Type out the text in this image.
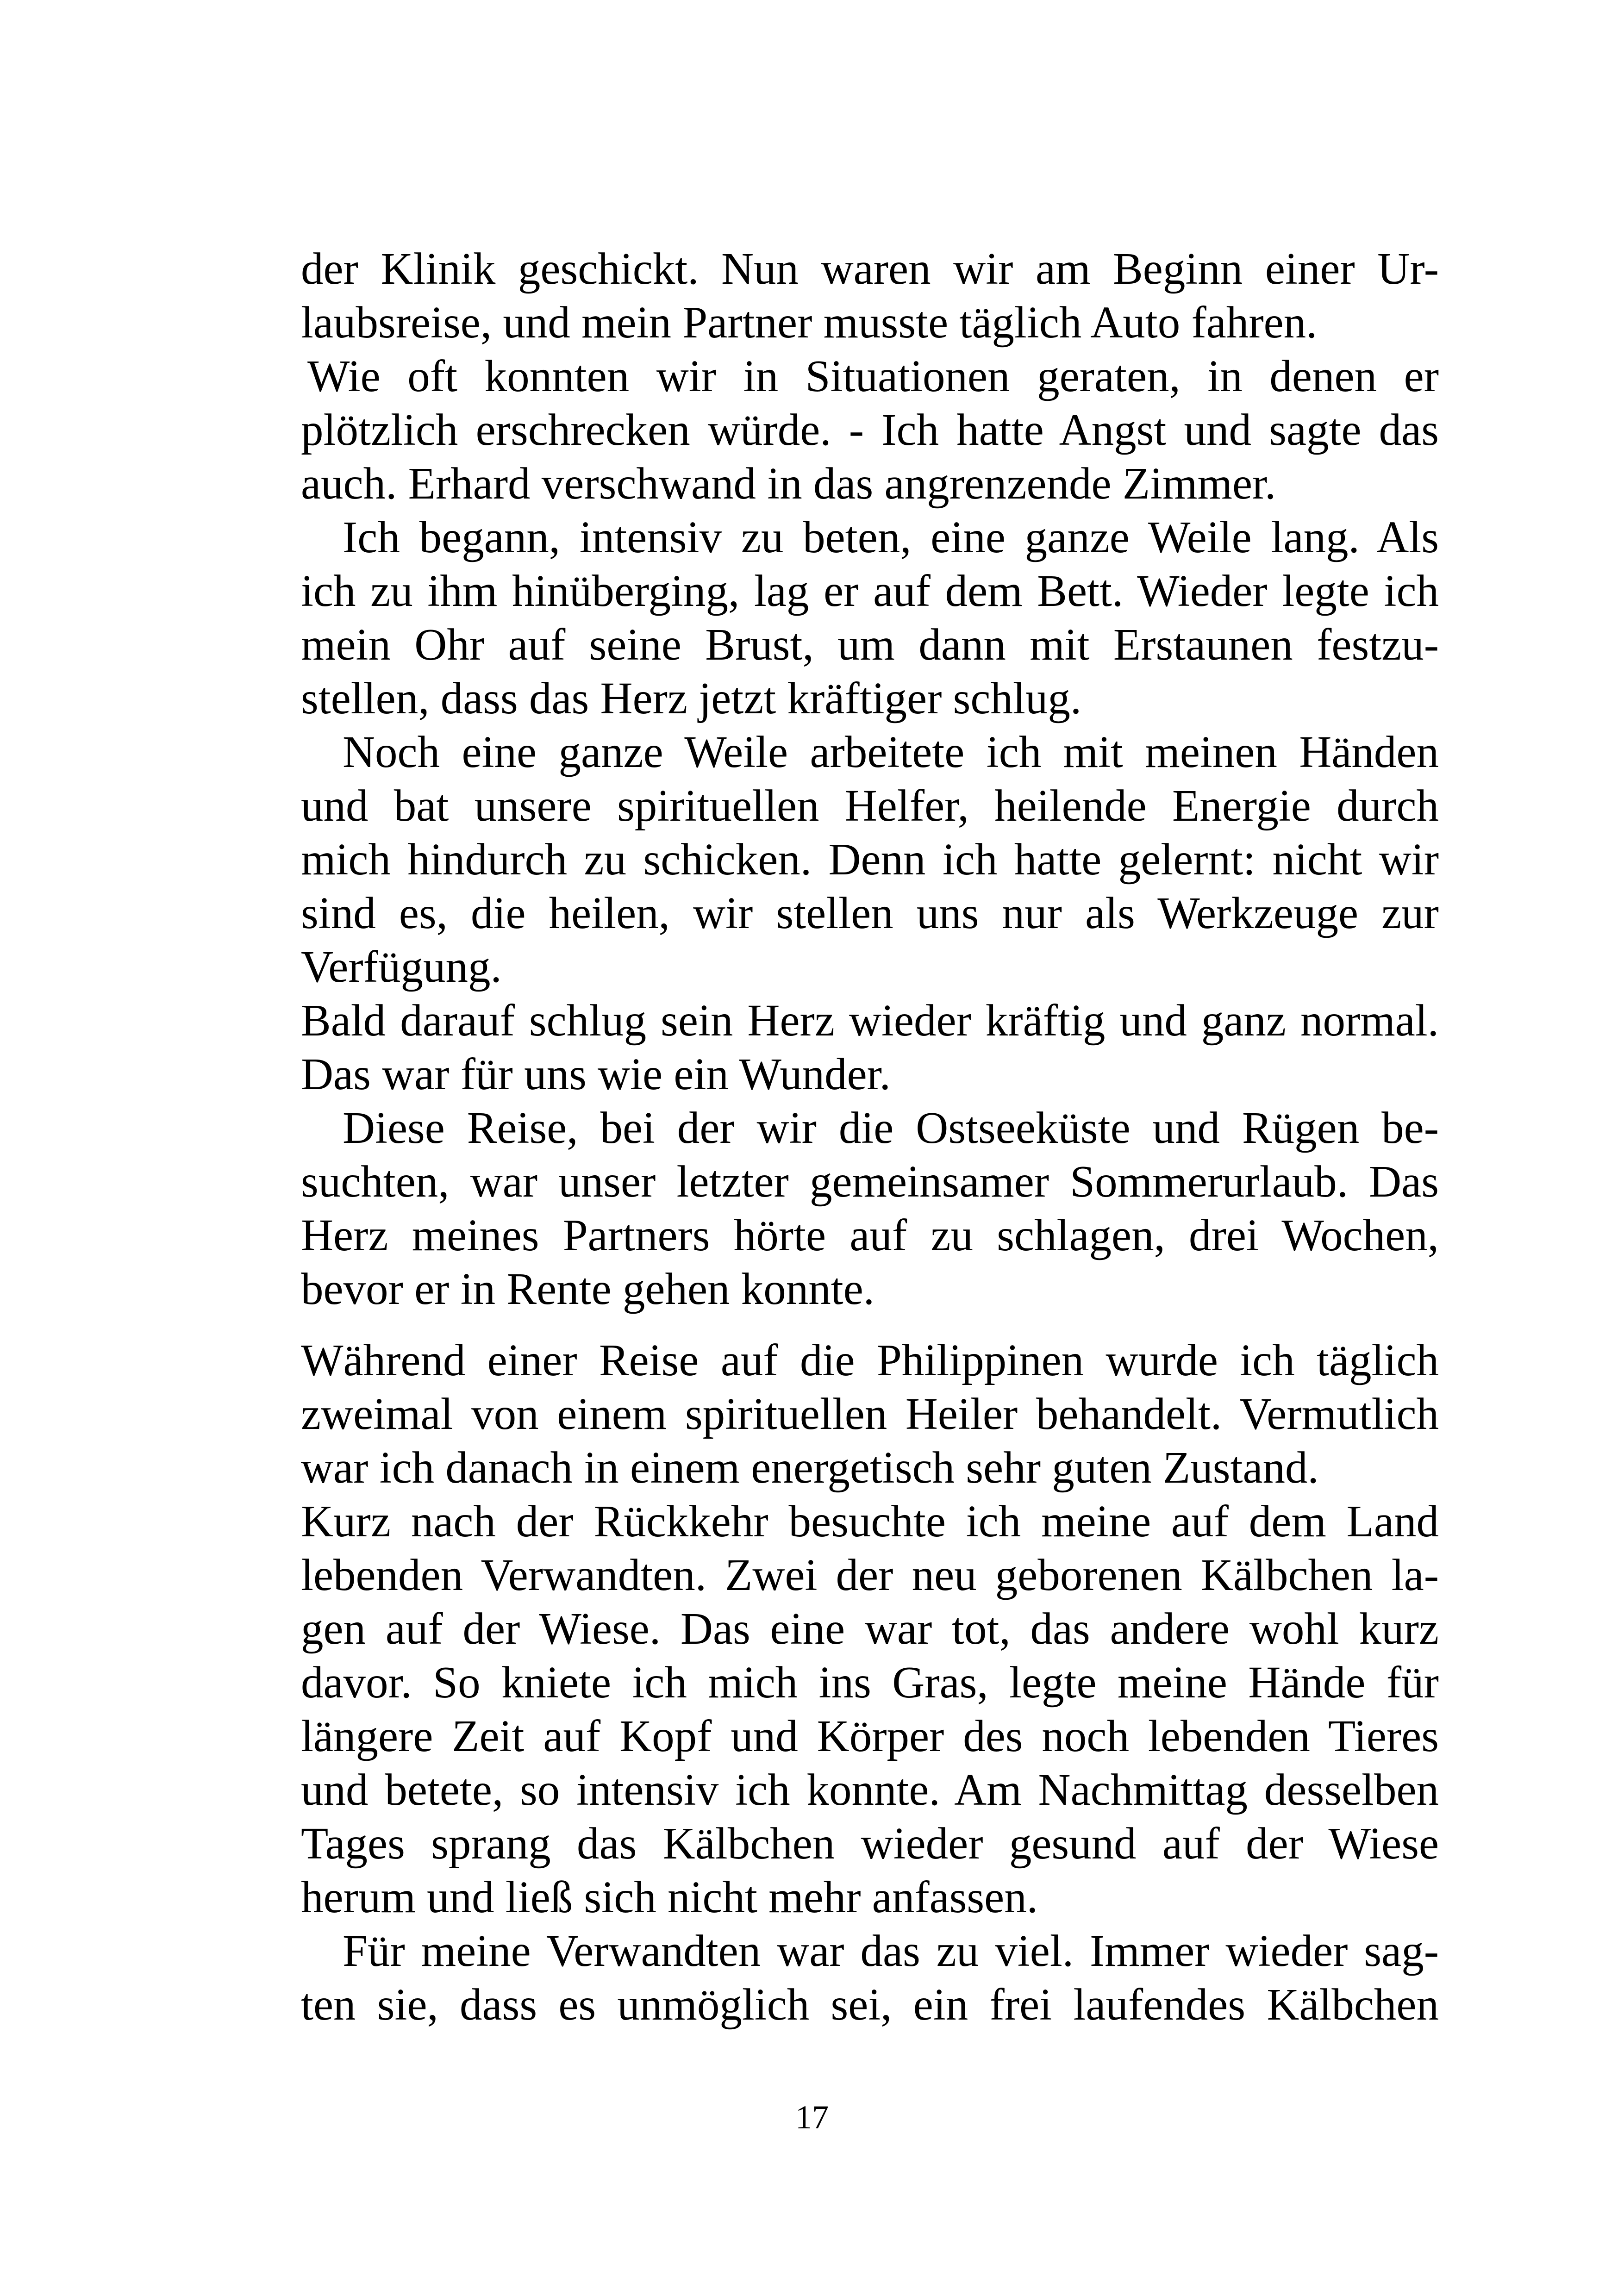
der Klinik geschickt. Nun waren wir am Beginn einer Ur-
laubsreise, und mein Partner musste täglich Auto fahren.
Wie oft konnten wir in Situationen geraten, in denen er
plötzlich erschrecken würde. - Ich hatte Angst und sagte das
auch. Erhard verschwand in das angrenzende Zimmer.
Ich begann, intensiv zu beten, eine ganze Weile lang. Als
ich zu ihm hinüberging, lag er auf dem Bett. Wieder legte ich
mein Ohr auf seine Brust, um dann mit Erstaunen festzu-
stellen, dass das Herz jetzt kräftiger schlug.
Noch eine ganze Weile arbeitete ich mit meinen Händen
und bat unsere spirituellen Helfer, heilende Energie durch
mich hindurch zu schicken. Denn ich hatte gelernt: nicht wir
sind es, die heilen, wir stellen uns nur als Werkzeuge zur
Verfügung.
Bald darauf schlug sein Herz wieder kräftig und ganz normal.
Das war für uns wie ein Wunder.
Diese Reise, bei der wir die Ostseeküste und Rügen be-
suchten, war unser letzter gemeinsamer Sommerurlaub. Das
Herz meines Partners hörte auf zu schlagen, drei Wochen,
bevor er in Rente gehen konnte.
Während einer Reise auf die Philippinen wurde ich täglich
zweimal von einem spirituellen Heiler behandelt. Vermutlich
war ich danach in einem energetisch sehr guten Zustand.
Kurz nach der Rückkehr besuchte ich meine auf dem Land
lebenden Verwandten. Zwei der neu geborenen Kälbchen la-
gen auf der Wiese. Das eine war tot, das andere wohl kurz
davor. So kniete ich mich ins Gras, legte meine Hände für
längere Zeit auf Kopf und Körper des noch lebenden Tieres
und betete, so intensiv ich konnte. Am Nachmittag desselben
Tages sprang das Kälbchen wieder gesund auf der Wiese
herum und ließ sich nicht mehr anfassen.
Für meine Verwandten war das zu viel. Immer wieder sag-
ten sie, dass es unmöglich sei, ein frei laufendes Kälbchen
17
